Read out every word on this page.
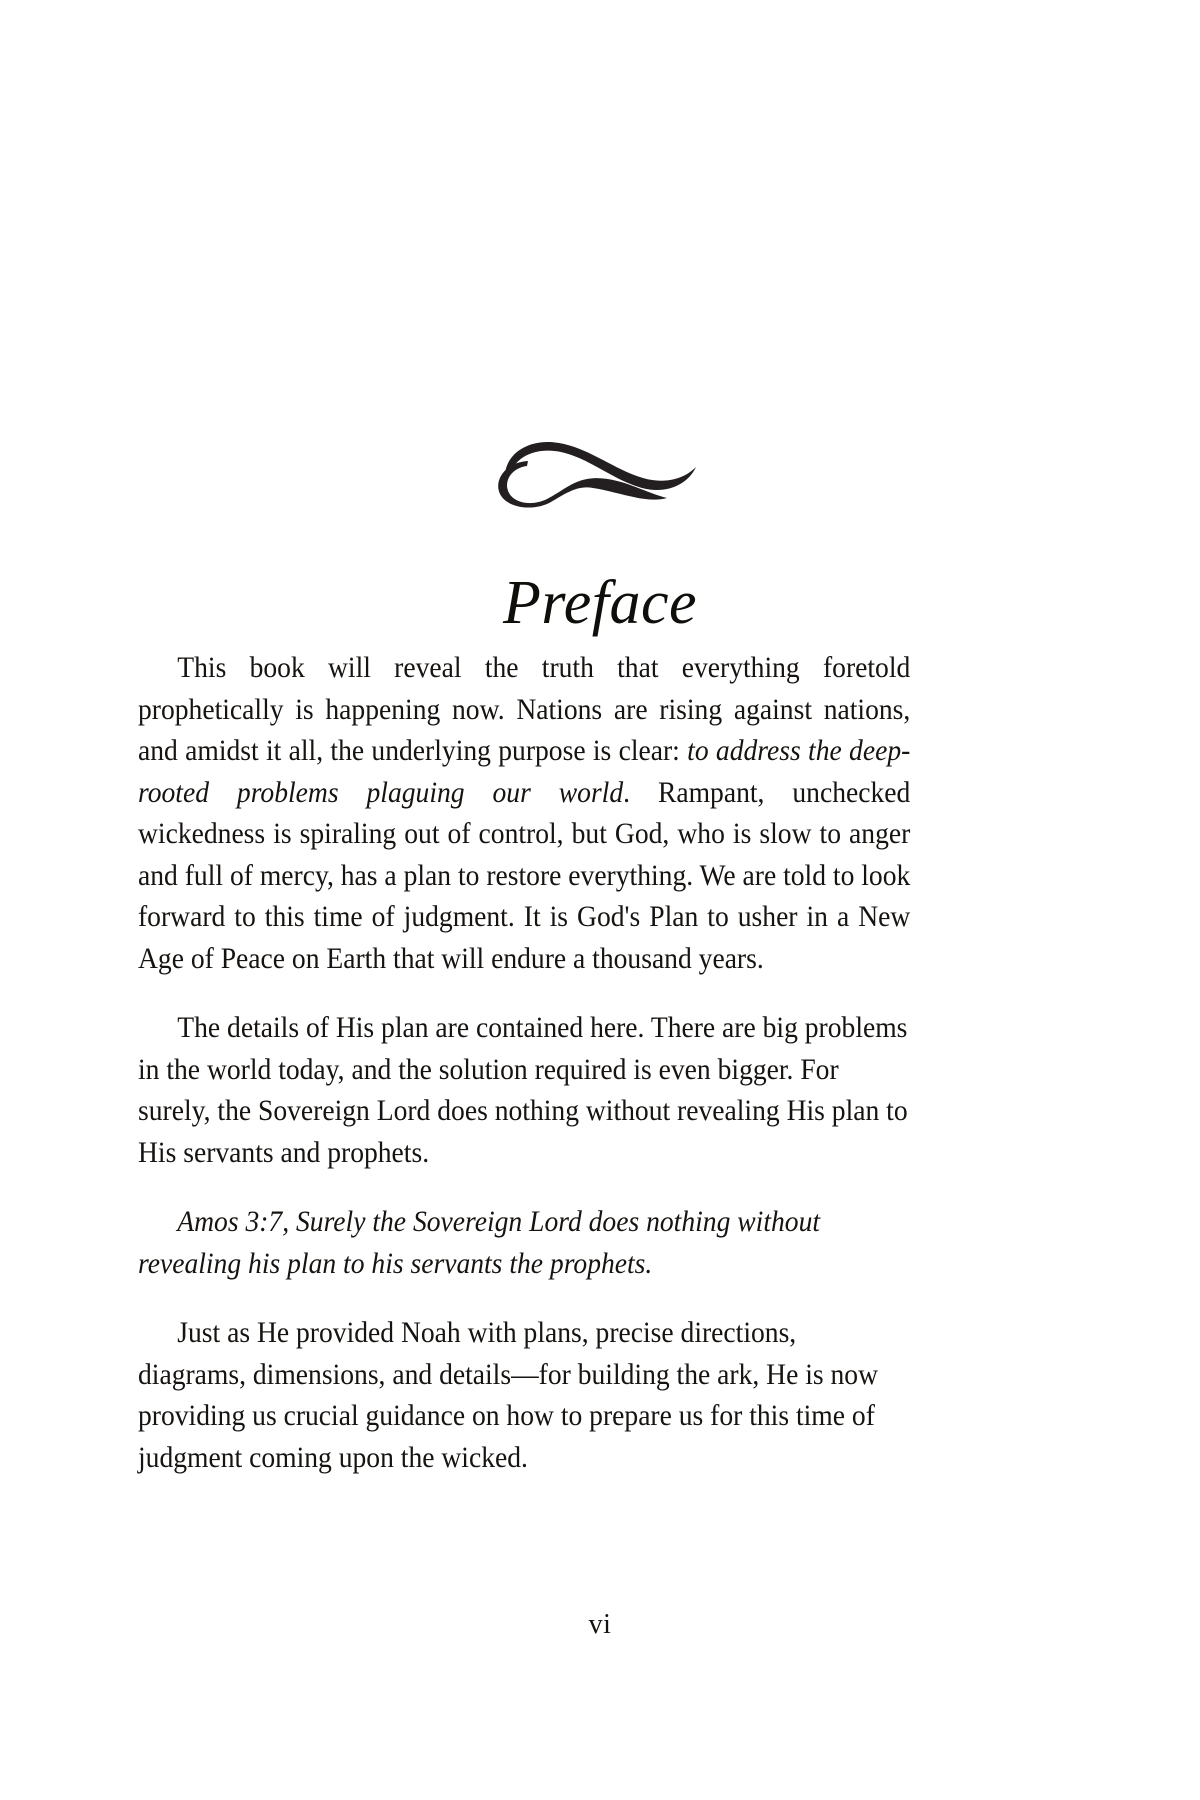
Preface

This book will reveal the truth that everything foretold prophetically is happening now. Nations are rising against nations, and amidst it all, the underlying purpose is clear: to address the deep-rooted problems plaguing our world. Rampant, unchecked wickedness is spiraling out of control, but God, who is slow to anger and full of mercy, has a plan to restore everything. We are told to look forward to this time of judgment. It is God's Plan to usher in a New Age of Peace on Earth that will endure a thousand years.

The details of His plan are contained here. There are big problems in the world today, and the solution required is even bigger. For surely, the Sovereign Lord does nothing without revealing His plan to His servants and prophets.

Amos 3:7, Surely the Sovereign Lord does nothing without revealing his plan to his servants the prophets.

Just as He provided Noah with plans, precise directions, diagrams, dimensions, and details—for building the ark, He is now providing us crucial guidance on how to prepare us for this time of judgment coming upon the wicked.

vi
